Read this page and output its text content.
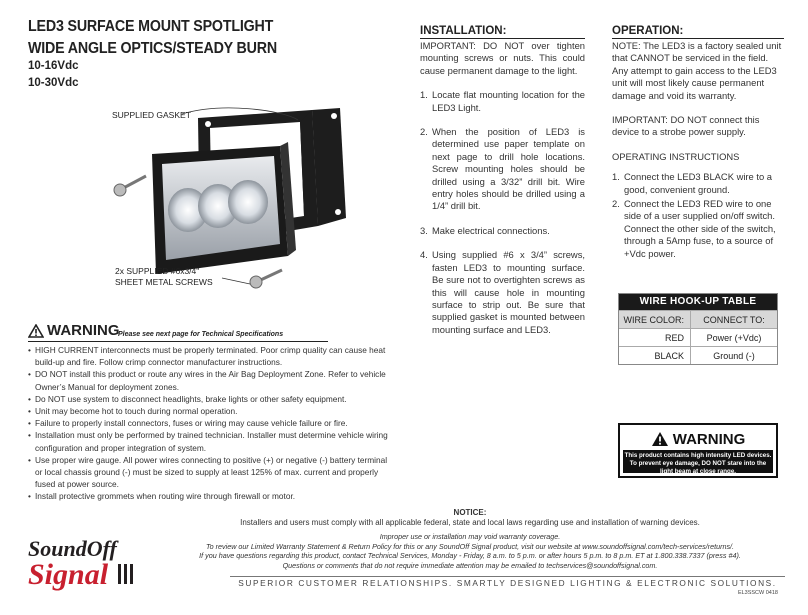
LED3 SURFACE MOUNT SPOTLIGHT
WIDE ANGLE OPTICS/STEADY BURN
10-16Vdc
10-30Vdc
SUPPLIED GASKET
2x SUPPLIED #6x3/4"
SHEET METAL SCREWS
WARNING
Please see next page for Technical Specifications
• HIGH CURRENT interconnects must be properly terminated. Poor crimp quality can cause heat build-up and fire. Follow crimp connector manufacturer instructions.
• DO NOT install this product or route any wires in the Air Bag Deployment Zone. Refer to vehicle Owner’s Manual for deployment zones.
• Do NOT use system to disconnect headlights, brake lights or other safety equipment.
• Unit may become hot to touch during normal operation.
• Failure to properly install connectors, fuses or wiring may cause vehicle failure or fire.
• Installation must only be performed by trained technician. Installer must determine vehicle wiring configuration and proper integration of system.
• Use proper wire gauge. All power wires connecting to positive (+) or negative (-) battery terminal or local chassis ground (-) must be sized to supply at least 125% of max. current and properly fused at power source.
• Install protective grommets when routing wire through firewall or motor.
INSTALLATION:
IMPORTANT: DO NOT over tighten mounting screws or nuts. This could cause permanent damage to the light.
1. Locate flat mounting location for the LED3 Light.
2. When the position of LED3 is determined use paper template on next page to drill hole locations. Screw mounting holes should be drilled using a 3/32” drill bit. Wire entry holes should be drilled using a 1/4” drill bit.
3. Make electrical connections.
4. Using supplied #6 x 3/4” screws, fasten LED3 to mounting surface. Be sure not to overtighten screws as this will cause hole in mounting surface to strip out. Be sure that supplied gasket is mounted between mounting surface and LED3.
OPERATION:
NOTE: The LED3 is a factory sealed unit that CANNOT be serviced in the field. Any attempt to gain access to the LED3 unit will most likely cause permanent damage and void its warranty.
IMPORTANT: DO NOT connect this device to a strobe power supply.
OPERATING INSTRUCTIONS
1. Connect the LED3 BLACK wire to a good, convenient ground.
2. Connect the LED3 RED wire to one side of a user supplied on/off switch. Connect the other side of the switch, through a 5Amp fuse, to a source of +Vdc power.
WIRE HOOK-UP TABLE
WIRE COLOR:	CONNECT TO:
RED	Power (+Vdc)
BLACK	Ground (-)
WARNING
This product contains high intensity LED devices.
To prevent eye damage, DO NOT stare into the
light beam at close range.
NOTICE:
Installers and users must comply with all applicable federal, state and local laws regarding use and installation of warning devices.
Improper use or installation may void warranty coverage.
To review our Limited Warranty Statement & Return Policy for this or any SoundOff Signal product, visit our website at www.soundoffsignal.com/tech-services/returns/.
If you have questions regarding this product, contact Technical Services, Monday - Friday, 8 a.m. to 5 p.m. or after hours 5 p.m. to 8 p.m. ET at 1.800.338.7337 (press #4).
Questions or comments that do not require immediate attention may be emailed to techservices@soundoffsignal.com.
SoundOff
Signal	SUPERIOR CUSTOMER RELATIONSHIPS. SMARTLY DESIGNED LIGHTING & ELECTRONIC SOLUTIONS.
EL3SSCW 0418
